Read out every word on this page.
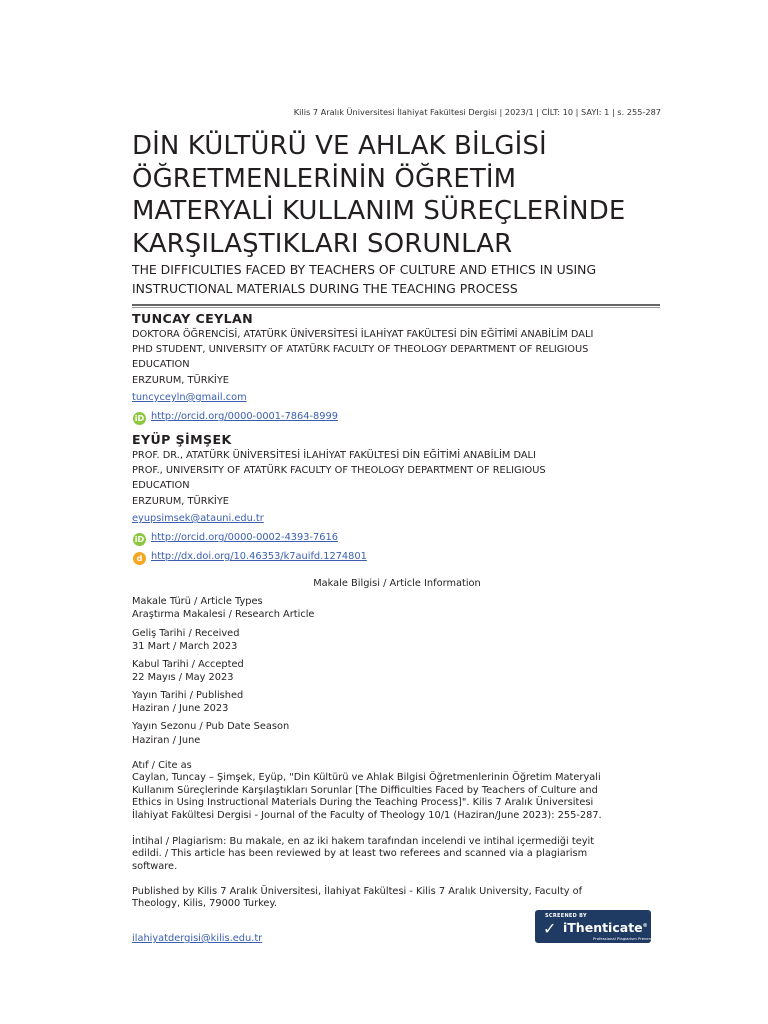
Kilis 7 Aralık Üniversitesi İlahiyat Fakültesi Dergisi | 2023/1 | CİLT: 10 | SAYI: 1 | s. 255-287
DİN KÜLTÜRÜ VE AHLAK BİLGİSİ
ÖĞRETMENLERİNİN ÖĞRETİM
MATERYALİ KULLANIM SÜREÇLERİNDE
KARŞILAŞTIKLARI SORUNLAR
THE DIFFICULTIES FACED BY TEACHERS OF CULTURE AND ETHICS IN USING
INSTRUCTIONAL MATERIALS DURING THE TEACHING PROCESS
TUNCAY CEYLAN
DOKTORA ÖĞRENCİSİ, ATATÜRK ÜNİVERSİTESİ İLAHİYAT FAKÜLTESİ DİN EĞİTİMİ ANABİLİM DALI
PHD STUDENT, UNIVERSITY OF ATATÜRK FACULTY OF THEOLOGY DEPARTMENT OF RELIGIOUS
EDUCATION
ERZURUM, TÜRKİYE
tuncyceyln@gmail.com
iD http://orcid.org/0000-0001-7864-8999
EYÜP ŞİMŞEK
PROF. DR., ATATÜRK ÜNİVERSİTESİ İLAHİYAT FAKÜLTESİ DİN EĞİTİMİ ANABİLİM DALI
PROF., UNIVERSITY OF ATATÜRK FACULTY OF THEOLOGY DEPARTMENT OF RELIGIOUS
EDUCATION
ERZURUM, TÜRKİYE
eyupsimsek@atauni.edu.tr
iD http://orcid.org/0000-0002-4393-7616
d http://dx.doi.org/10.46353/k7auifd.1274801
Makale Bilgisi / Article Information
Makale Türü / Article Types
Araştırma Makalesi / Research Article
Geliş Tarihi / Received
31 Mart / March 2023
Kabul Tarihi / Accepted
22 Mayıs / May 2023
Yayın Tarihi / Published
Haziran / June 2023
Yayın Sezonu / Pub Date Season
Haziran / June
Atıf / Cite as
Caylan, Tuncay – Şimşek, Eyüp, "Din Kültürü ve Ahlak Bilgisi Öğretmenlerinin Öğretim Materyali
Kullanım Süreçlerinde Karşılaştıkları Sorunlar [The Difficulties Faced by Teachers of Culture and
Ethics in Using Instructional Materials During the Teaching Process]". Kilis 7 Aralık Üniversitesi
İlahiyat Fakültesi Dergisi - Journal of the Faculty of Theology 10/1 (Haziran/June 2023): 255-287.
İntihal / Plagiarism: Bu makale, en az iki hakem tarafından incelendi ve intihal içermediği teyit
edildi. / This article has been reviewed by at least two referees and scanned via a plagiarism
software.
Published by Kilis 7 Aralık Üniversitesi, İlahiyat Fakültesi - Kilis 7 Aralık University, Faculty of
Theology, Kilis, 79000 Turkey.
ilahiyatdergisi@kilis.edu.tr
SCREENED BY
✓ iThenticate®
Professional Plagiarism Prevention
